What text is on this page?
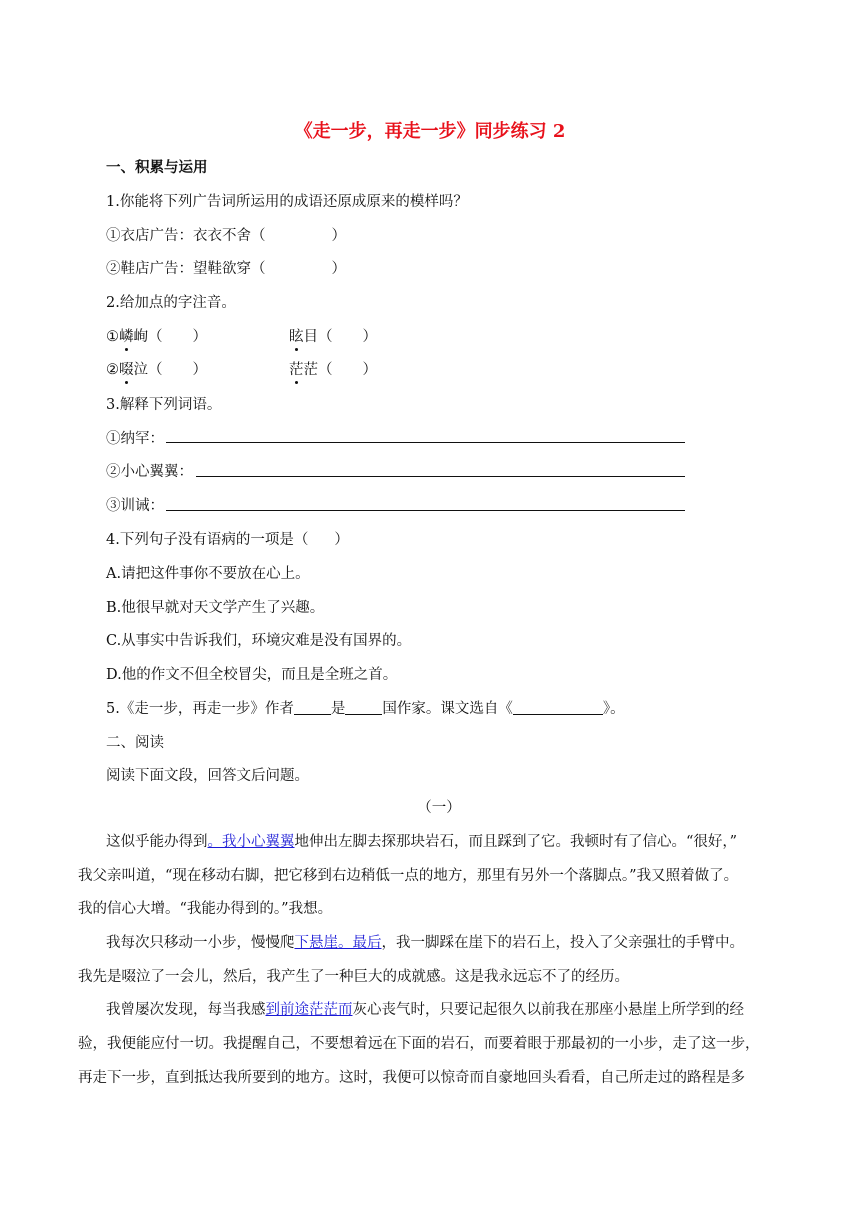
《走一步，再走一步》同步练习 2
一、积累与运用
1.你能将下列广告词所运用的成语还原成原来的模样吗？
①衣店广告：衣衣不舍（	）
②鞋店广告：望鞋欲穿（	）
2.给加点的字注音。
①嶙峋（ ）	眩目（ ）
②啜泣（ ）	茫茫（ ）
3.解释下列词语。
①纳罕：
②小心翼翼：
③训诫：
4.下列句子没有语病的一项是（ ）
A.请把这件事你不要放在心上。
B.他很早就对天文学产生了兴趣。
C.从事实中告诉我们，环境灾难是没有国界的。
D.他的作文不但全校冒尖，而且是全班之首。
5.《走一步，再走一步》作者	是	国作家。课文选自《	》。
二、阅读
阅读下面文段，回答文后问题。
（一）
这似乎能办得到。我小心翼翼地伸出左脚去探那块岩石，而且踩到了它。我顿时有了信心。“很好，”
我父亲叫道，“现在移动右脚，把它移到右边稍低一点的地方，那里有另外一个落脚点。”我又照着做了。
我的信心大增。“我能办得到的。”我想。
我每次只移动一小步，慢慢爬下悬崖。最后，我一脚踩在崖下的岩石上，投入了父亲强壮的手臂中。
我先是啜泣了一会儿，然后，我产生了一种巨大的成就感。这是我永远忘不了的经历。
我曾屡次发现，每当我感到前途茫茫而灰心丧气时，只要记起很久以前我在那座小悬崖上所学到的经
验，我便能应付一切。我提醒自己，不要想着远在下面的岩石，而要着眼于那最初的一小步，走了这一步，
再走下一步，直到抵达我所要到的地方。这时，我便可以惊奇而自豪地回头看看，自己所走过的路程是多
